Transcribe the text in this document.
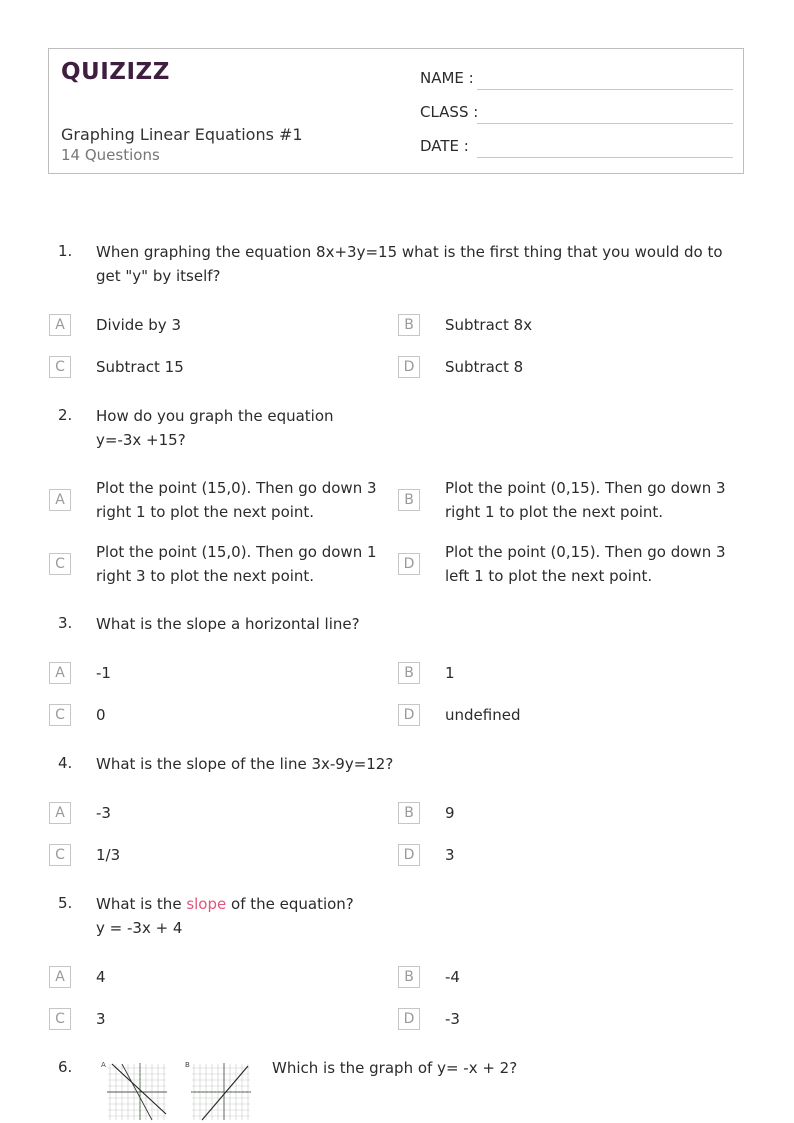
QUIZIZZ
Graphing Linear Equations #1
14 Questions
NAME :
CLASS :
DATE :
1. When graphing the equation 8x+3y=15 what is the first thing that you would do to get "y" by itself?
A	Divide by 3	B	Subtract 8x
C	Subtract 15	D	Subtract 8
2. How do you graph the equation
y=-3x +15?
A
Plot the point (15,0). Then go down 3 right 1 to plot the next point.
B
Plot the point (0,15). Then go down 3 right 1 to plot the next point.
C
Plot the point (15,0). Then go down 1 right 3 to plot the next point.
D
Plot the point (0,15). Then go down 3 left 1 to plot the next point.
3. What is the slope a horizontal line?
A	-1	B	1
C	0	D	undefined
4. What is the slope of the line 3x-9y=12?
A	-3	B	9
C	1/3	D	3
5. What is the slope of the equation?
y = -3x + 4
A	4	B	-4
C	3	D	-3
6.	Which is the graph of y= -x + 2?
A	B
